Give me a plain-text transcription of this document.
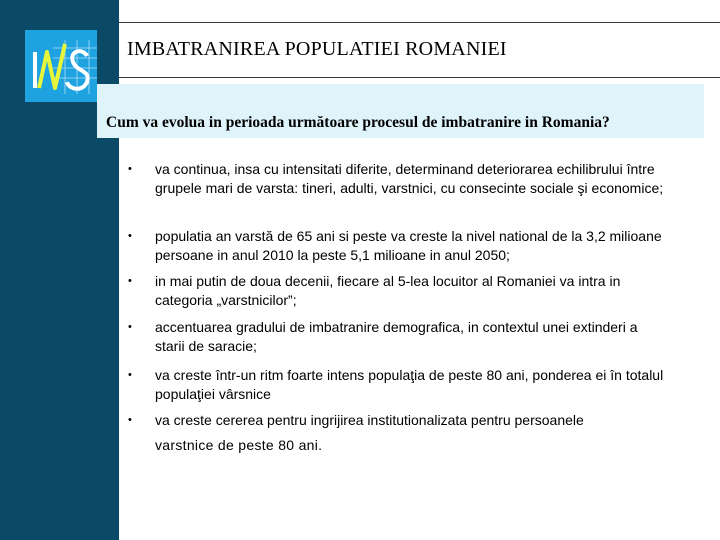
IMBATRANIREA POPULATIEI ROMANIEI
Cum va evolua in perioada următoare procesul de imbatranire in Romania?
• va continua, insa cu intensitati diferite, determinand deteriorarea echilibrului între grupele mari de varsta: tineri, adulti, varstnici, cu consecinte sociale şi economice;
• populatia an varstă de 65 ani si peste va creste la nivel national de la 3,2 milioane persoane in anul 2010 la peste 5,1 milioane in anul 2050;
• in mai putin de doua decenii, fiecare al 5-lea locuitor al Romaniei va intra in categoria „varstnicilor”;
• accentuarea gradului de imbatranire demografica, in contextul unei extinderi a starii de saracie;
• va creste într-un ritm foarte intens populaţia de peste 80 ani, ponderea ei în totalul populaţiei vârsnice
• va creste cererea pentru ingrijirea institutionalizata pentru persoanele
varstnice de peste 80 ani.
